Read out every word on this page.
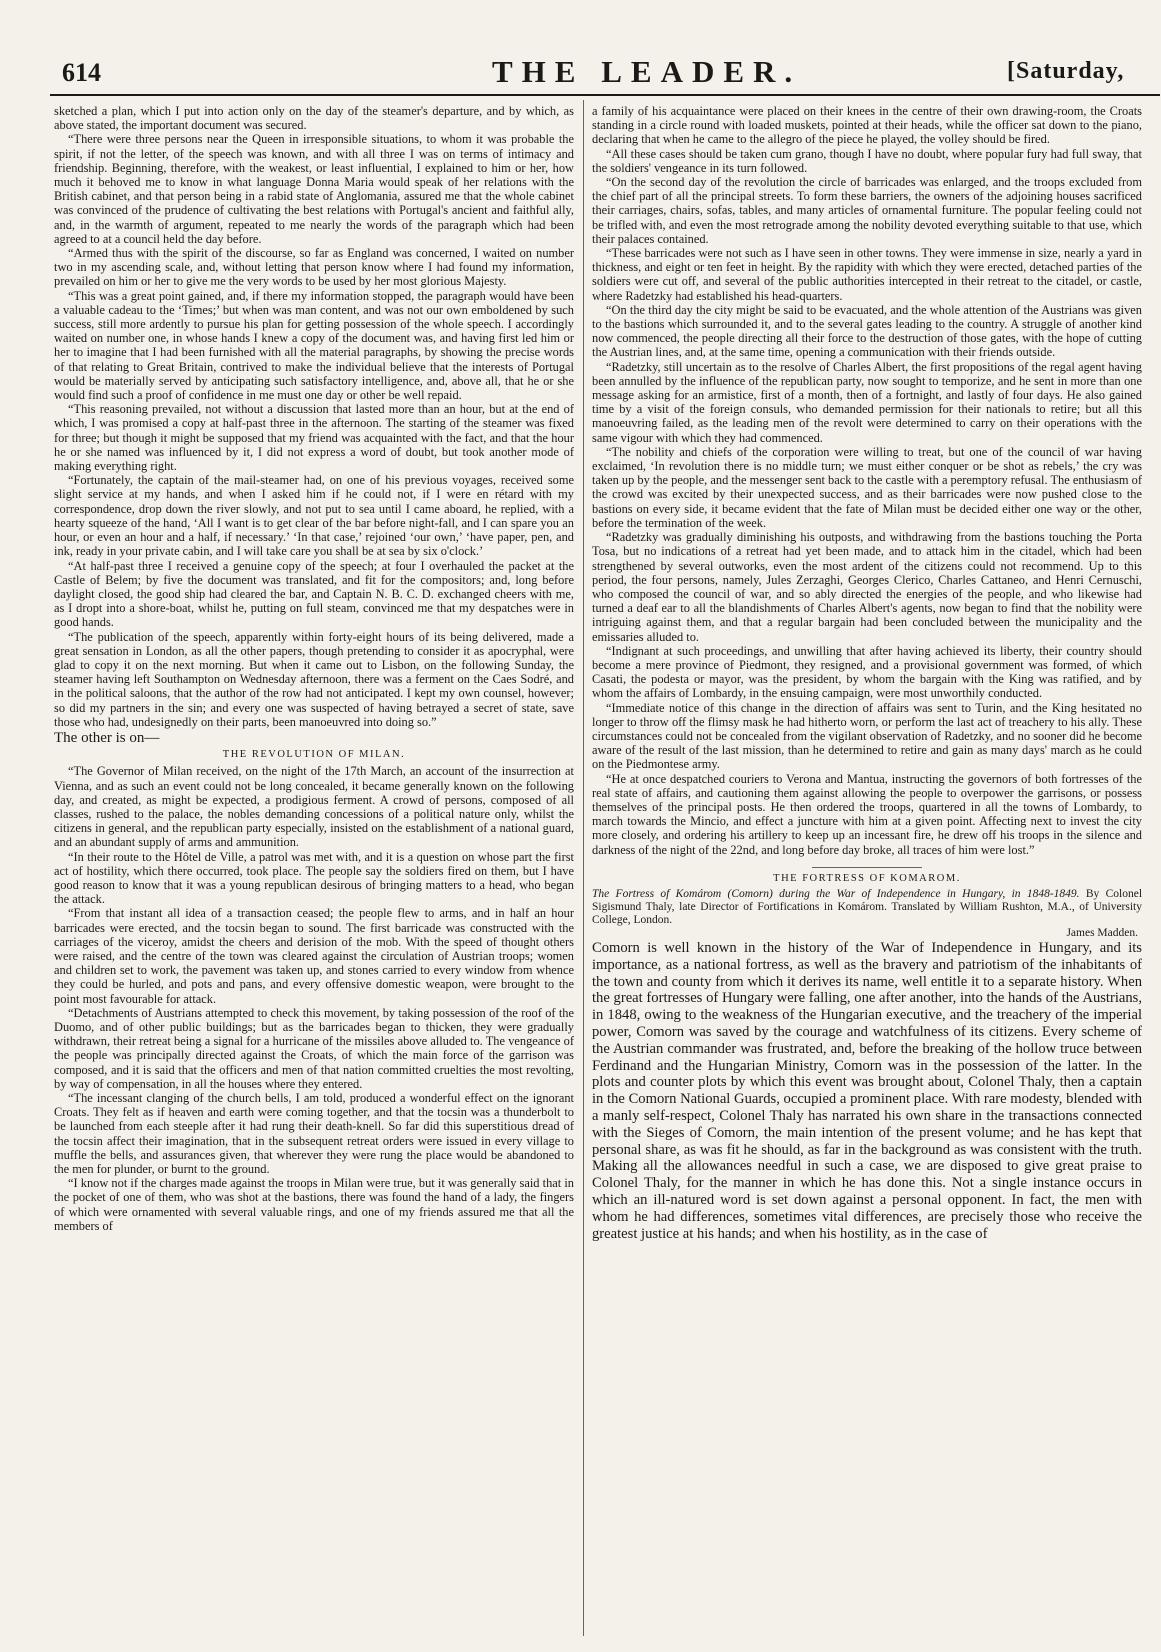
614	THE LEADER.	[Saturday,

sketched a plan, which I put into action only on the day of the steamer's departure, and by which, as above stated, the important document was secured.

“There were three persons near the Queen in irresponsible situations, to whom it was probable the spirit, if not the letter, of the speech was known, and with all three I was on terms of intimacy and friendship. Beginning, therefore, with the weakest, or least influential, I explained to him or her, how much it behoved me to know in what language Donna Maria would speak of her relations with the British cabinet, and that person being in a rabid state of Anglomania, assured me that the whole cabinet was convinced of the prudence of cultivating the best relations with Portugal's ancient and faithful ally, and, in the warmth of argument, repeated to me nearly the words of the paragraph which had been agreed to at a council held the day before.

“Armed thus with the spirit of the discourse, so far as England was concerned, I waited on number two in my ascending scale, and, without letting that person know where I had found my information, prevailed on him or her to give me the very words to be used by her most glorious Majesty.

“This was a great point gained, and, if there my information stopped, the paragraph would have been a valuable cadeau to the ‘Times;’ but when was man content, and was not our own emboldened by such success, still more ardently to pursue his plan for getting possession of the whole speech. I accordingly waited on number one, in whose hands I knew a copy of the document was, and having first led him or her to imagine that I had been furnished with all the material paragraphs, by showing the precise words of that relating to Great Britain, contrived to make the individual believe that the interests of Portugal would be materially served by anticipating such satisfactory intelligence, and, above all, that he or she would find such a proof of confidence in me must one day or other be well repaid.

“This reasoning prevailed, not without a discussion that lasted more than an hour, but at the end of which, I was promised a copy at half-past three in the afternoon. The starting of the steamer was fixed for three; but though it might be supposed that my friend was acquainted with the fact, and that the hour he or she named was influenced by it, I did not express a word of doubt, but took another mode of making everything right.

“Fortunately, the captain of the mail-steamer had, on one of his previous voyages, received some slight service at my hands, and when I asked him if he could not, if I were en rétard with my correspondence, drop down the river slowly, and not put to sea until I came aboard, he replied, with a hearty squeeze of the hand, ‘All I want is to get clear of the bar before night-fall, and I can spare you an hour, or even an hour and a half, if necessary.’ ‘In that case,’ rejoined ‘our own,’ ‘have paper, pen, and ink, ready in your private cabin, and I will take care you shall be at sea by six o'clock.’

“At half-past three I received a genuine copy of the speech; at four I overhauled the packet at the Castle of Belem; by five the document was translated, and fit for the compositors; and, long before daylight closed, the good ship had cleared the bar, and Captain N. B. C. D. exchanged cheers with me, as I dropt into a shore-boat, whilst he, putting on full steam, convinced me that my despatches were in good hands.

“The publication of the speech, apparently within forty-eight hours of its being delivered, made a great sensation in London, as all the other papers, though pretending to consider it as apocryphal, were glad to copy it on the next morning. But when it came out to Lisbon, on the following Sunday, the steamer having left Southampton on Wednesday afternoon, there was a ferment on the Caes Sodré, and in the political saloons, that the author of the row had not anticipated. I kept my own counsel, however; so did my partners in the sin; and every one was suspected of having betrayed a secret of state, save those who had, undesignedly on their parts, been manoeuvred into doing so.”

The other is on—

THE REVOLUTION OF MILAN.

“The Governor of Milan received, on the night of the 17th March, an account of the insurrection at Vienna, and as such an event could not be long concealed, it became generally known on the following day, and created, as might be expected, a prodigious ferment. A crowd of persons, composed of all classes, rushed to the palace, the nobles demanding concessions of a political nature only, whilst the citizens in general, and the republican party especially, insisted on the establishment of a national guard, and an abundant supply of arms and ammunition.

“In their route to the Hôtel de Ville, a patrol was met with, and it is a question on whose part the first act of hostility, which there occurred, took place. The people say the soldiers fired on them, but I have good reason to know that it was a young republican desirous of bringing matters to a head, who began the attack.

“From that instant all idea of a transaction ceased; the people flew to arms, and in half an hour barricades were erected, and the tocsin began to sound. The first barricade was constructed with the carriages of the viceroy, amidst the cheers and derision of the mob. With the speed of thought others were raised, and the centre of the town was cleared against the circulation of Austrian troops; women and children set to work, the pavement was taken up, and stones carried to every window from whence they could be hurled, and pots and pans, and every offensive domestic weapon, were brought to the point most favourable for attack.

“Detachments of Austrians attempted to check this movement, by taking possession of the roof of the Duomo, and of other public buildings; but as the barricades began to thicken, they were gradually withdrawn, their retreat being a signal for a hurricane of the missiles above alluded to. The vengeance of the people was principally directed against the Croats, of which the main force of the garrison was composed, and it is said that the officers and men of that nation committed cruelties the most revolting, by way of compensation, in all the houses where they entered.

“The incessant clanging of the church bells, I am told, produced a wonderful effect on the ignorant Croats. They felt as if heaven and earth were coming together, and that the tocsin was a thunderbolt to be launched from each steeple after it had rung their death-knell. So far did this superstitious dread of the tocsin affect their imagination, that in the subsequent retreat orders were issued in every village to muffle the bells, and assurances given, that wherever they were rung the place would be abandoned to the men for plunder, or burnt to the ground.

“I know not if the charges made against the troops in Milan were true, but it was generally said that in the pocket of one of them, who was shot at the bastions, there was found the hand of a lady, the fingers of which were ornamented with several valuable rings, and one of my friends assured me that all the members of

a family of his acquaintance were placed on their knees in the centre of their own drawing-room, the Croats standing in a circle round with loaded muskets, pointed at their heads, while the officer sat down to the piano, declaring that when he came to the allegro of the piece he played, the volley should be fired.

“All these cases should be taken cum grano, though I have no doubt, where popular fury had full sway, that the soldiers' vengeance in its turn followed.

“On the second day of the revolution the circle of barricades was enlarged, and the troops excluded from the chief part of all the principal streets. To form these barriers, the owners of the adjoining houses sacrificed their carriages, chairs, sofas, tables, and many articles of ornamental furniture. The popular feeling could not be trifled with, and even the most retrograde among the nobility devoted everything suitable to that use, which their palaces contained.

“These barricades were not such as I have seen in other towns. They were immense in size, nearly a yard in thickness, and eight or ten feet in height. By the rapidity with which they were erected, detached parties of the soldiers were cut off, and several of the public authorities intercepted in their retreat to the citadel, or castle, where Radetzky had established his head-quarters.

“On the third day the city might be said to be evacuated, and the whole attention of the Austrians was given to the bastions which surrounded it, and to the several gates leading to the country. A struggle of another kind now commenced, the people directing all their force to the destruction of those gates, with the hope of cutting the Austrian lines, and, at the same time, opening a communication with their friends outside.

“Radetzky, still uncertain as to the resolve of Charles Albert, the first propositions of the regal agent having been annulled by the influence of the republican party, now sought to temporize, and he sent in more than one message asking for an armistice, first of a month, then of a fortnight, and lastly of four days. He also gained time by a visit of the foreign consuls, who demanded permission for their nationals to retire; but all this manoeuvring failed, as the leading men of the revolt were determined to carry on their operations with the same vigour with which they had commenced.

“The nobility and chiefs of the corporation were willing to treat, but one of the council of war having exclaimed, ‘In revolution there is no middle turn; we must either conquer or be shot as rebels,’ the cry was taken up by the people, and the messenger sent back to the castle with a peremptory refusal. The enthusiasm of the crowd was excited by their unexpected success, and as their barricades were now pushed close to the bastions on every side, it became evident that the fate of Milan must be decided either one way or the other, before the termination of the week.

“Radetzky was gradually diminishing his outposts, and withdrawing from the bastions touching the Porta Tosa, but no indications of a retreat had yet been made, and to attack him in the citadel, which had been strengthened by several outworks, even the most ardent of the citizens could not recommend. Up to this period, the four persons, namely, Jules Zerzaghi, Georges Clerico, Charles Cattaneo, and Henri Cernuschi, who composed the council of war, and so ably directed the energies of the people, and who likewise had turned a deaf ear to all the blandishments of Charles Albert's agents, now began to find that the nobility were intriguing against them, and that a regular bargain had been concluded between the municipality and the emissaries alluded to.

“Indignant at such proceedings, and unwilling that after having achieved its liberty, their country should become a mere province of Piedmont, they resigned, and a provisional government was formed, of which Casati, the podesta or mayor, was the president, by whom the bargain with the King was ratified, and by whom the affairs of Lombardy, in the ensuing campaign, were most unworthily conducted.

“Immediate notice of this change in the direction of affairs was sent to Turin, and the King hesitated no longer to throw off the flimsy mask he had hitherto worn, or perform the last act of treachery to his ally. These circumstances could not be concealed from the vigilant observation of Radetzky, and no sooner did he become aware of the result of the last mission, than he determined to retire and gain as many days' march as he could on the Piedmontese army.

“He at once despatched couriers to Verona and Mantua, instructing the governors of both fortresses of the real state of affairs, and cautioning them against allowing the people to overpower the garrisons, or possess themselves of the principal posts. He then ordered the troops, quartered in all the towns of Lombardy, to march towards the Mincio, and effect a juncture with him at a given point. Affecting next to invest the city more closely, and ordering his artillery to keep up an incessant fire, he drew off his troops in the silence and darkness of the night of the 22nd, and long before day broke, all traces of him were lost.”

THE FORTRESS OF KOMAROM.

The Fortress of Komárom (Comorn) during the War of Independence in Hungary, in 1848-1849. By Colonel Sigismund Thaly, late Director of Fortifications in Komárom. Translated by William Rushton, M.A., of University College, London.

James Madden.

Comorn is well known in the history of the War of Independence in Hungary, and its importance, as a national fortress, as well as the bravery and patriotism of the inhabitants of the town and county from which it derives its name, well entitle it to a separate history. When the great fortresses of Hungary were falling, one after another, into the hands of the Austrians, in 1848, owing to the weakness of the Hungarian executive, and the treachery of the imperial power, Comorn was saved by the courage and watchfulness of its citizens. Every scheme of the Austrian commander was frustrated, and, before the breaking of the hollow truce between Ferdinand and the Hungarian Ministry, Comorn was in the possession of the latter. In the plots and counter plots by which this event was brought about, Colonel Thaly, then a captain in the Comorn National Guards, occupied a prominent place. With rare modesty, blended with a manly self-respect, Colonel Thaly has narrated his own share in the transactions connected with the Sieges of Comorn, the main intention of the present volume; and he has kept that personal share, as was fit he should, as far in the background as was consistent with the truth. Making all the allowances needful in such a case, we are disposed to give great praise to Colonel Thaly, for the manner in which he has done this. Not a single instance occurs in which an ill-natured word is set down against a personal opponent. In fact, the men with whom he had differences, sometimes vital differences, are precisely those who receive the greatest justice at his hands; and when his hostility, as in the case of
